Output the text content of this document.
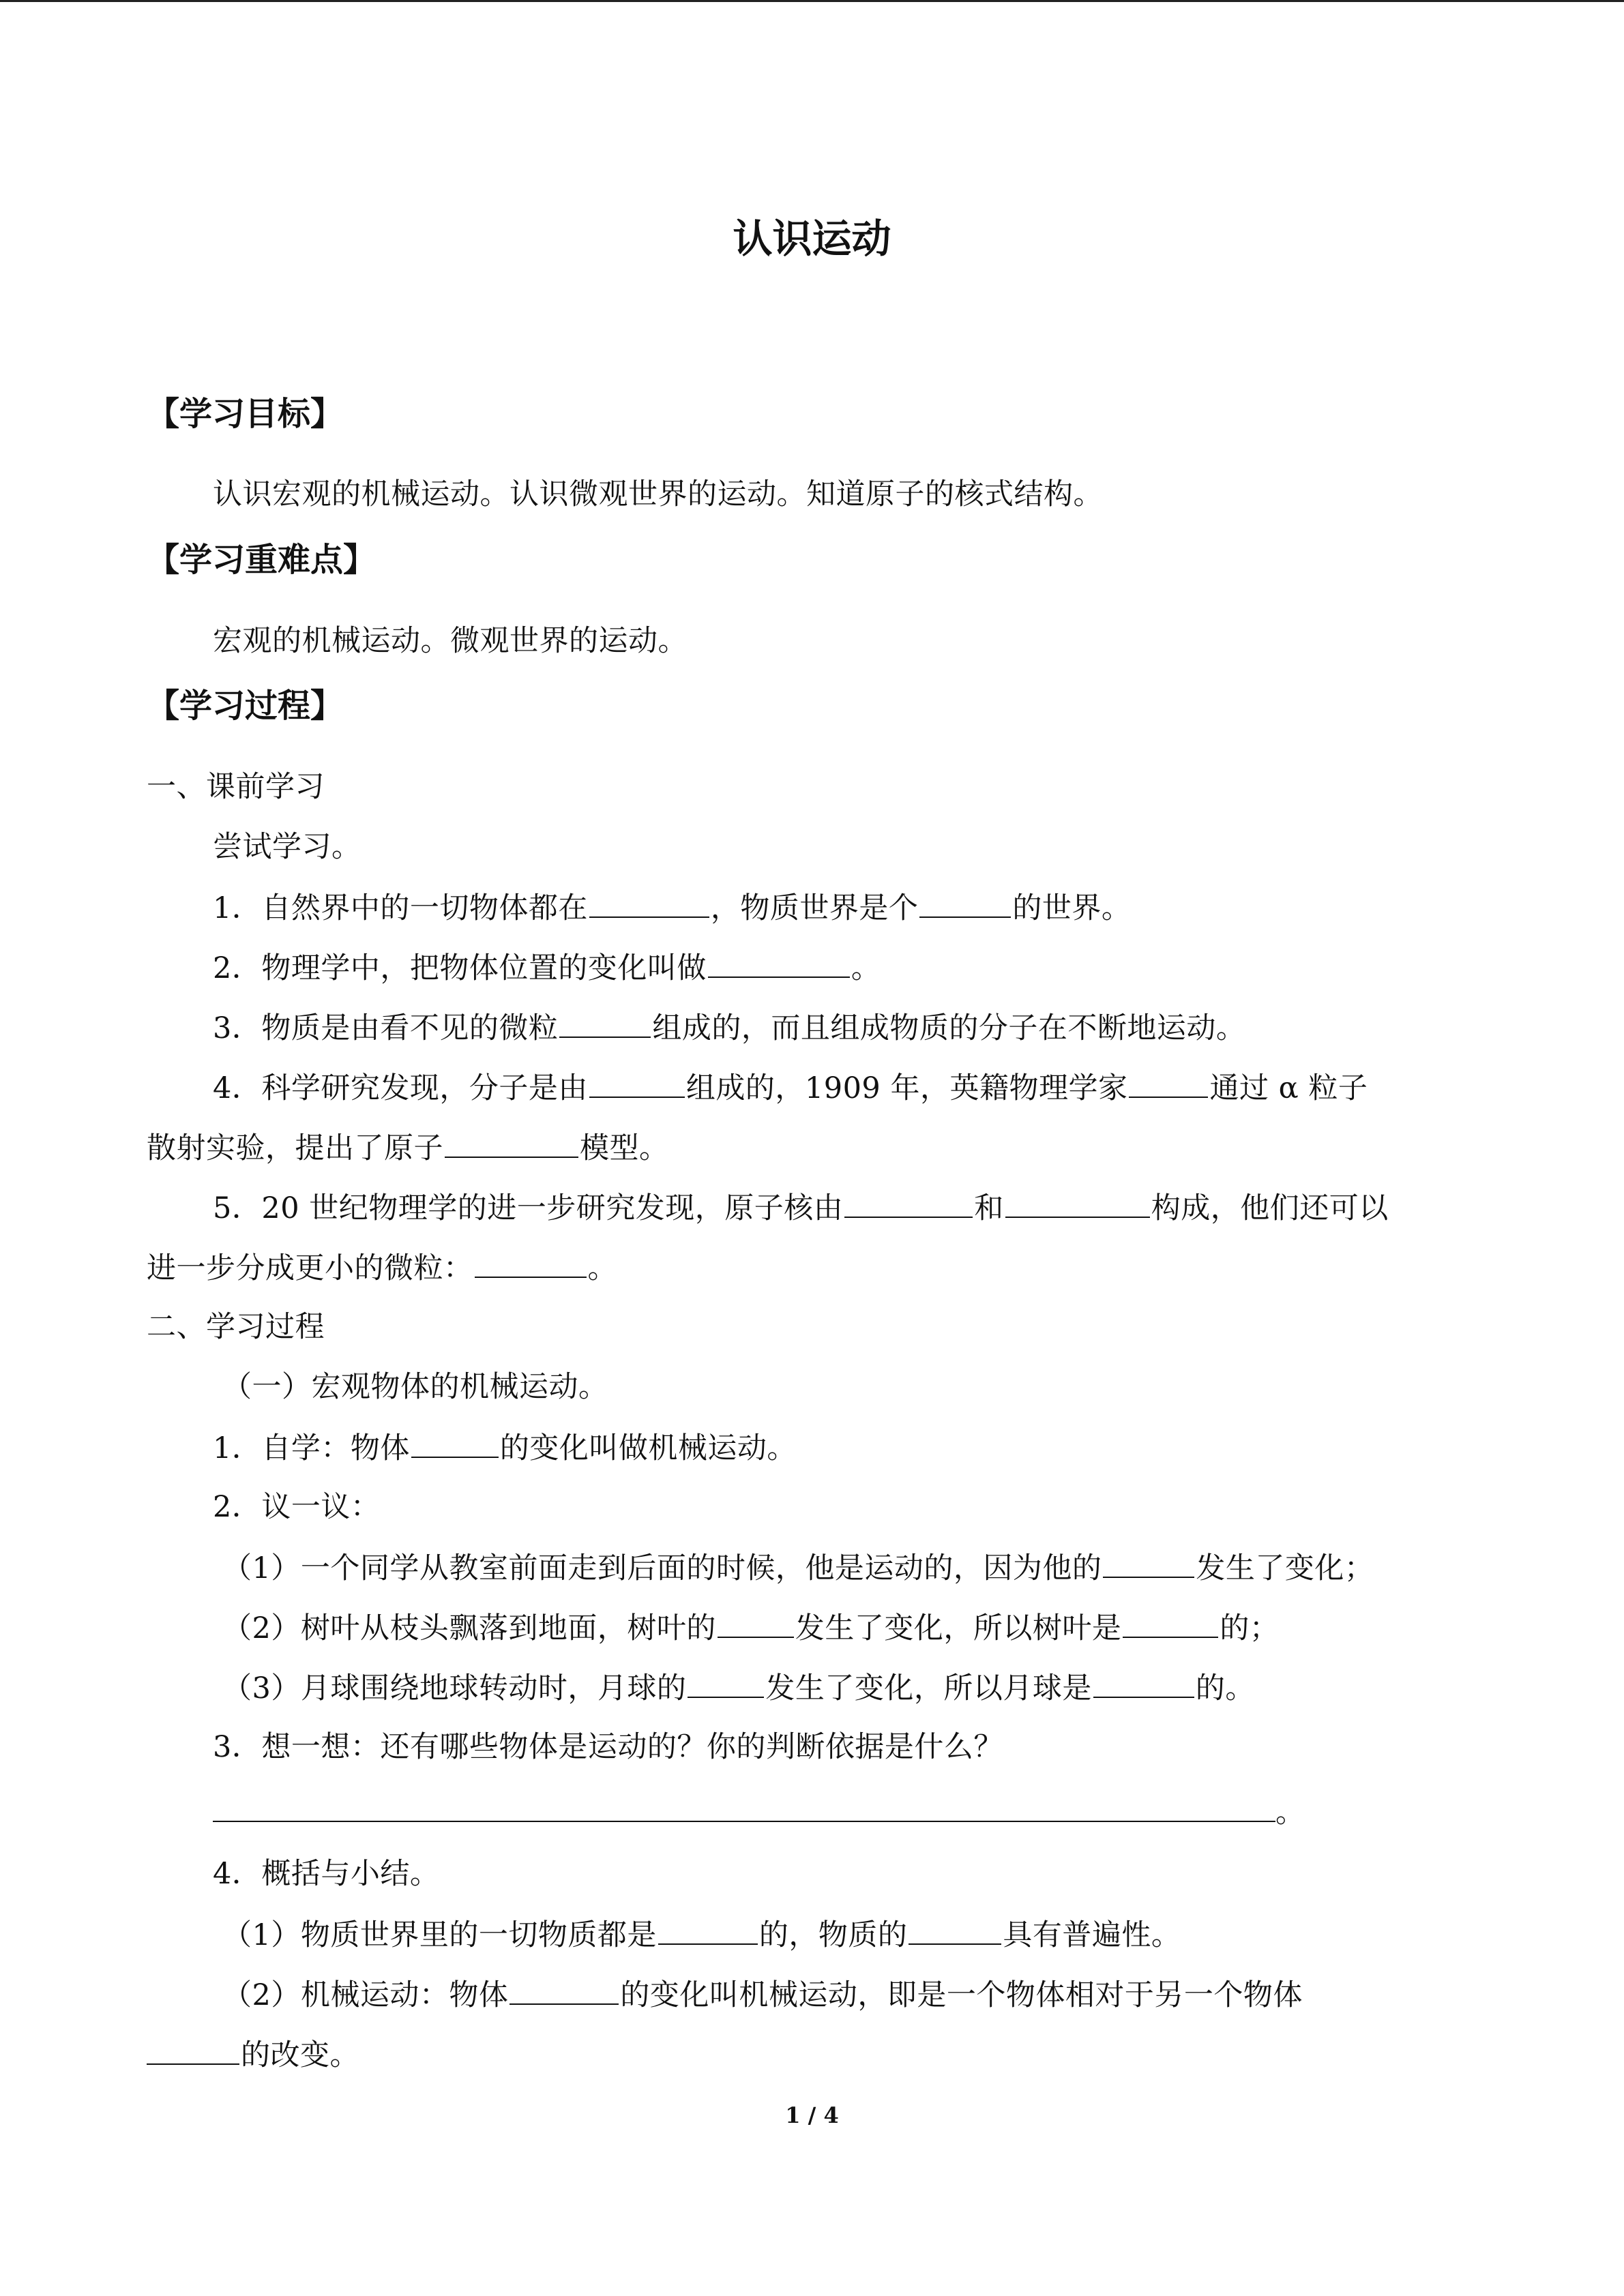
认识运动
【学习目标】
认识宏观的机械运动。认识微观世界的运动。知道原子的核式结构。
【学习重难点】
宏观的机械运动。微观世界的运动。
【学习过程】
一、课前学习
尝试学习。
1．自然界中的一切物体都在	，物质世界是个	的世界。
2．物理学中，把物体位置的变化叫做	。
3．物质是由看不见的微粒	组成的，而且组成物质的分子在不断地运动。
4．科学研究发现，分子是由	组成的，1909 年，英籍物理学家	通过 α 粒子
散射实验，提出了原子	模型。
5．20 世纪物理学的进一步研究发现，原子核由	和	构成，他们还可以
进一步分成更小的微粒：	。
二、学习过程
（一）宏观物体的机械运动。
1．自学：物体	的变化叫做机械运动。
2．议一议：
（1）一个同学从教室前面走到后面的时候，他是运动的，因为他的	发生了变化；
（2）树叶从枝头飘落到地面，树叶的	发生了变化，所以树叶是	的；
（3）月球围绕地球转动时，月球的	发生了变化，所以月球是	的。
3．想一想：还有哪些物体是运动的？你的判断依据是什么？
。
4．概括与小结。
（1）物质世界里的一切物质都是	的，物质的	具有普遍性。
（2）机械运动：物体	的变化叫机械运动，即是一个物体相对于另一个物体
的改变。
1 / 4
